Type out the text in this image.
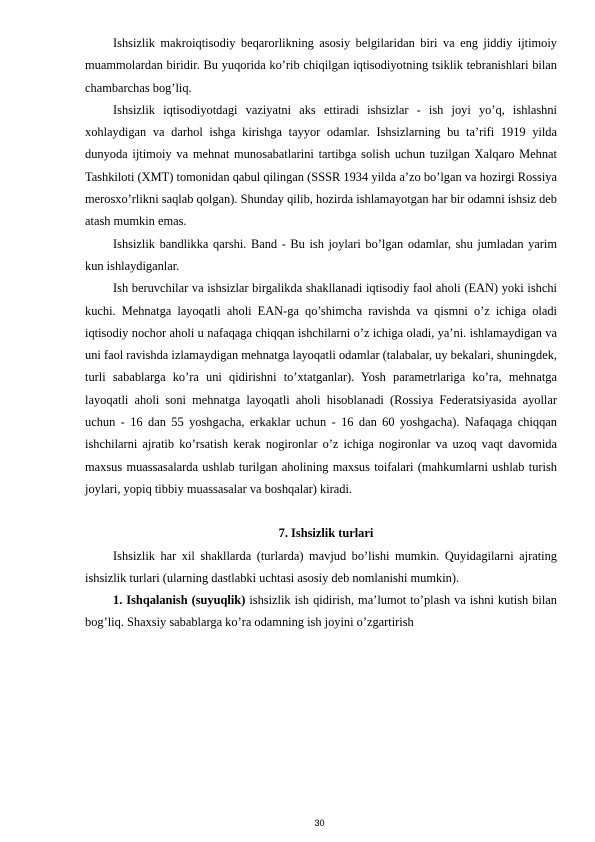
Ishsizlik makroiqtisodiy beqarorlikning asosiy belgilaridan biri va eng jiddiy ijtimoiy muammolardan biridir. Bu yuqorida ko’rib chiqilgan iqtisodiyotning tsiklik tebranishlari bilan chambarchas bog’liq.

Ishsizlik iqtisodiyotdagi vaziyatni aks ettiradi ishsizlar - ish joyi yo’q, ishlashni xohlaydigan va darhol ishga kirishga tayyor odamlar. Ishsizlarning bu ta’rifi 1919 yilda dunyoda ijtimoiy va mehnat munosabatlarini tartibga solish uchun tuzilgan Xalqaro Mehnat Tashkiloti (XMT) tomonidan qabul qilingan (SSSR 1934 yilda a’zo bo’lgan va hozirgi Rossiya merosxo’rlikni saqlab qolgan). Shunday qilib, hozirda ishlamayotgan har bir odamni ishsiz deb atash mumkin emas.

Ishsizlik bandlikka qarshi. Band - Bu ish joylari bo’lgan odamlar, shu jumladan yarim kun ishlaydiganlar.

Ish beruvchilar va ishsizlar birgalikda shakllanadi iqtisodiy faol aholi (EAN) yoki ishchi kuchi. Mehnatga layoqatli aholi EAN-ga qo’shimcha ravishda va qismni o’z ichiga oladi iqtisodiy nochor aholi u nafaqaga chiqqan ishchilarni o’z ichiga oladi, ya’ni. ishlamaydigan va uni faol ravishda izlamaydigan mehnatga layoqatli odamlar (talabalar, uy bekalari, shuningdek, turli sabablarga ko’ra uni qidirishni to’xtatganlar). Yosh parametrlariga ko’ra, mehnatga layoqatli aholi soni mehnatga layoqatli aholi hisoblanadi (Rossiya Federatsiyasida ayollar uchun - 16 dan 55 yoshgacha, erkaklar uchun - 16 dan 60 yoshgacha). Nafaqaga chiqqan ishchilarni ajratib ko’rsatish kerak nogironlar o’z ichiga nogironlar va uzoq vaqt davomida maxsus muassasalarda ushlab turilgan aholining maxsus toifalari (mahkumlarni ushlab turish joylari, yopiq tibbiy muassasalar va boshqalar) kiradi.

7. Ishsizlik turlari

Ishsizlik har xil shakllarda (turlarda) mavjud bo’lishi mumkin. Quyidagilarni ajrating ishsizlik turlari (ularning dastlabki uchtasi asosiy deb nomlanishi mumkin).

1. Ishqalanish (suyuqlik) ishsizlik ish qidirish, ma’lumot to’plash va ishni kutish bilan bog’liq. Shaxsiy sabablarga ko’ra odamning ish joyini o’zgartirish

30
